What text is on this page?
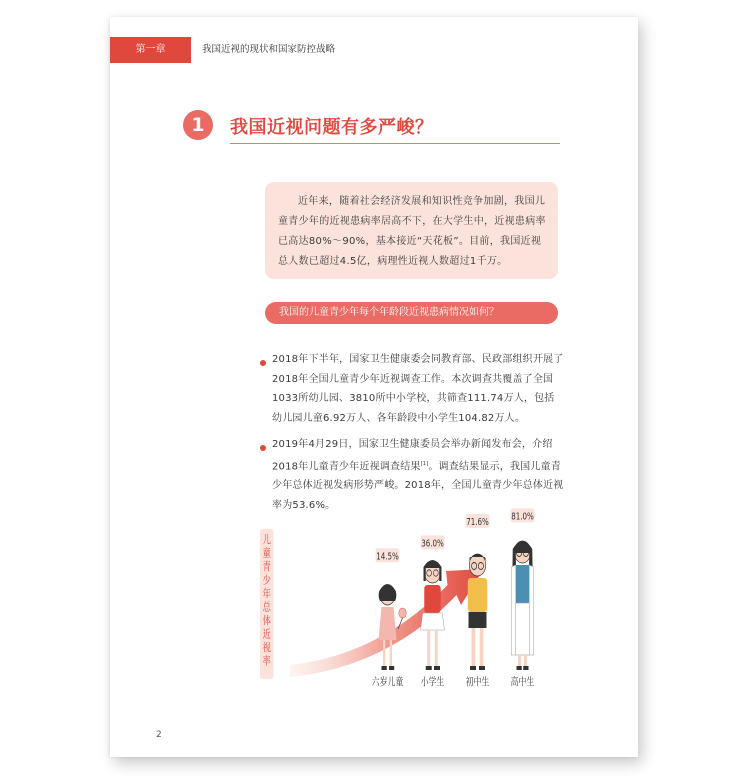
第一章	我国近视的现状和国家防控战略
1	我国近视问题有多严峻？
近年来，随着社会经济发展和知识性竞争加剧，我国儿童青少年的近视患病率居高不下，在大学生中，近视患病率已高达80%～90%，基本接近“天花板”。目前，我国近视总人数已超过4.5亿，病理性近视人数超过1千万。
我国的儿童青少年每个年龄段近视患病情况如何？
2018年下半年，国家卫生健康委会同教育部、民政部组织开展了2018年全国儿童青少年近视调查工作。本次调查共覆盖了全国1033所幼儿园、3810所中小学校，共筛查111.74万人，包括幼儿园儿童6.92万人、各年龄段中小学生104.82万人。
2019年4月29日，国家卫生健康委员会举办新闻发布会，介绍2018年儿童青少年近视调查结果[1]。调查结果显示，我国儿童青少年总体近视发病形势严峻。2018年，全国儿童青少年总体近视率为53.6%。
儿童青少年总体近视率
14.5%
六岁儿童
36.0%
小学生
71.6%
初中生
81.0%
高中生
2
